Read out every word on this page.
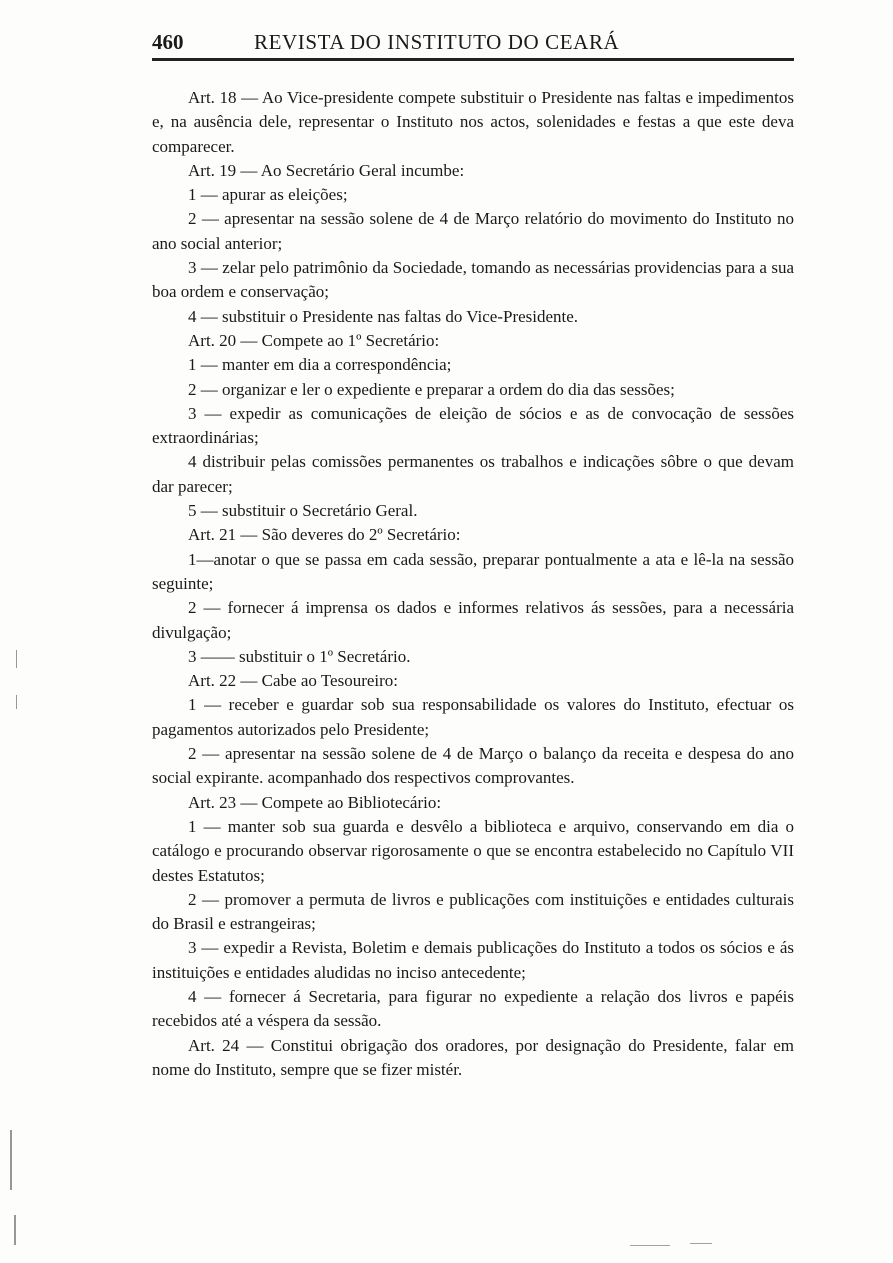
460	REVISTA DO INSTITUTO DO CEARÁ

Art. 18 — Ao Vice-presidente compete substituir o Presidente nas faltas e impedimentos e, na ausência dele, representar o Instituto nos actos, solenidades e festas a que este deva comparecer.

Art. 19 — Ao Secretário Geral incumbe:

1 — apurar as eleições;

2 — apresentar na sessão solene de 4 de Março relatório do movimento do Instituto no ano social anterior;

3 — zelar pelo patrimônio da Sociedade, tomando as necessárias providencias para a sua boa ordem e conservação;

4 — substituir o Presidente nas faltas do Vice-Presidente.

Art. 20 — Compete ao 1º Secretário:

1 — manter em dia a correspondência;

2 — organizar e ler o expediente e preparar a ordem do dia das sessões;

3 — expedir as comunicações de eleição de sócios e as de convocação de sessões extraordinárias;

4 distribuir pelas comissões permanentes os trabalhos e indicações sôbre o que devam dar parecer;

5 — substituir o Secretário Geral.

Art. 21 — São deveres do 2º Secretário:

1—anotar o que se passa em cada sessão, preparar pontualmente a ata e lê-la na sessão seguinte;

2 — fornecer á imprensa os dados e informes relativos ás sessões, para a necessária divulgação;

3 —— substituir o 1º Secretário.

Art. 22 — Cabe ao Tesoureiro:

1 — receber e guardar sob sua responsabilidade os valores do Instituto, efectuar os pagamentos autorizados pelo Presidente;

2 — apresentar na sessão solene de 4 de Março o balanço da receita e despesa do ano social expirante. acompanhado dos respectivos comprovantes.

Art. 23 — Compete ao Bibliotecário:

1 — manter sob sua guarda e desvêlo a biblioteca e arquivo, conservando em dia o catálogo e procurando observar rigorosamente o que se encontra estabelecido no Capítulo VII destes Estatutos;

2 — promover a permuta de livros e publicações com instituições e entidades culturais do Brasil e estrangeiras;

3 — expedir a Revista, Boletim e demais publicações do Instituto a todos os sócios e ás instituições e entidades aludidas no inciso antecedente;

4 — fornecer á Secretaria, para figurar no expediente a relação dos livros e papéis recebidos até a véspera da sessão.

Art. 24 — Constitui obrigação dos oradores, por designação do Presidente, falar em nome do Instituto, sempre que se fizer mistér.
